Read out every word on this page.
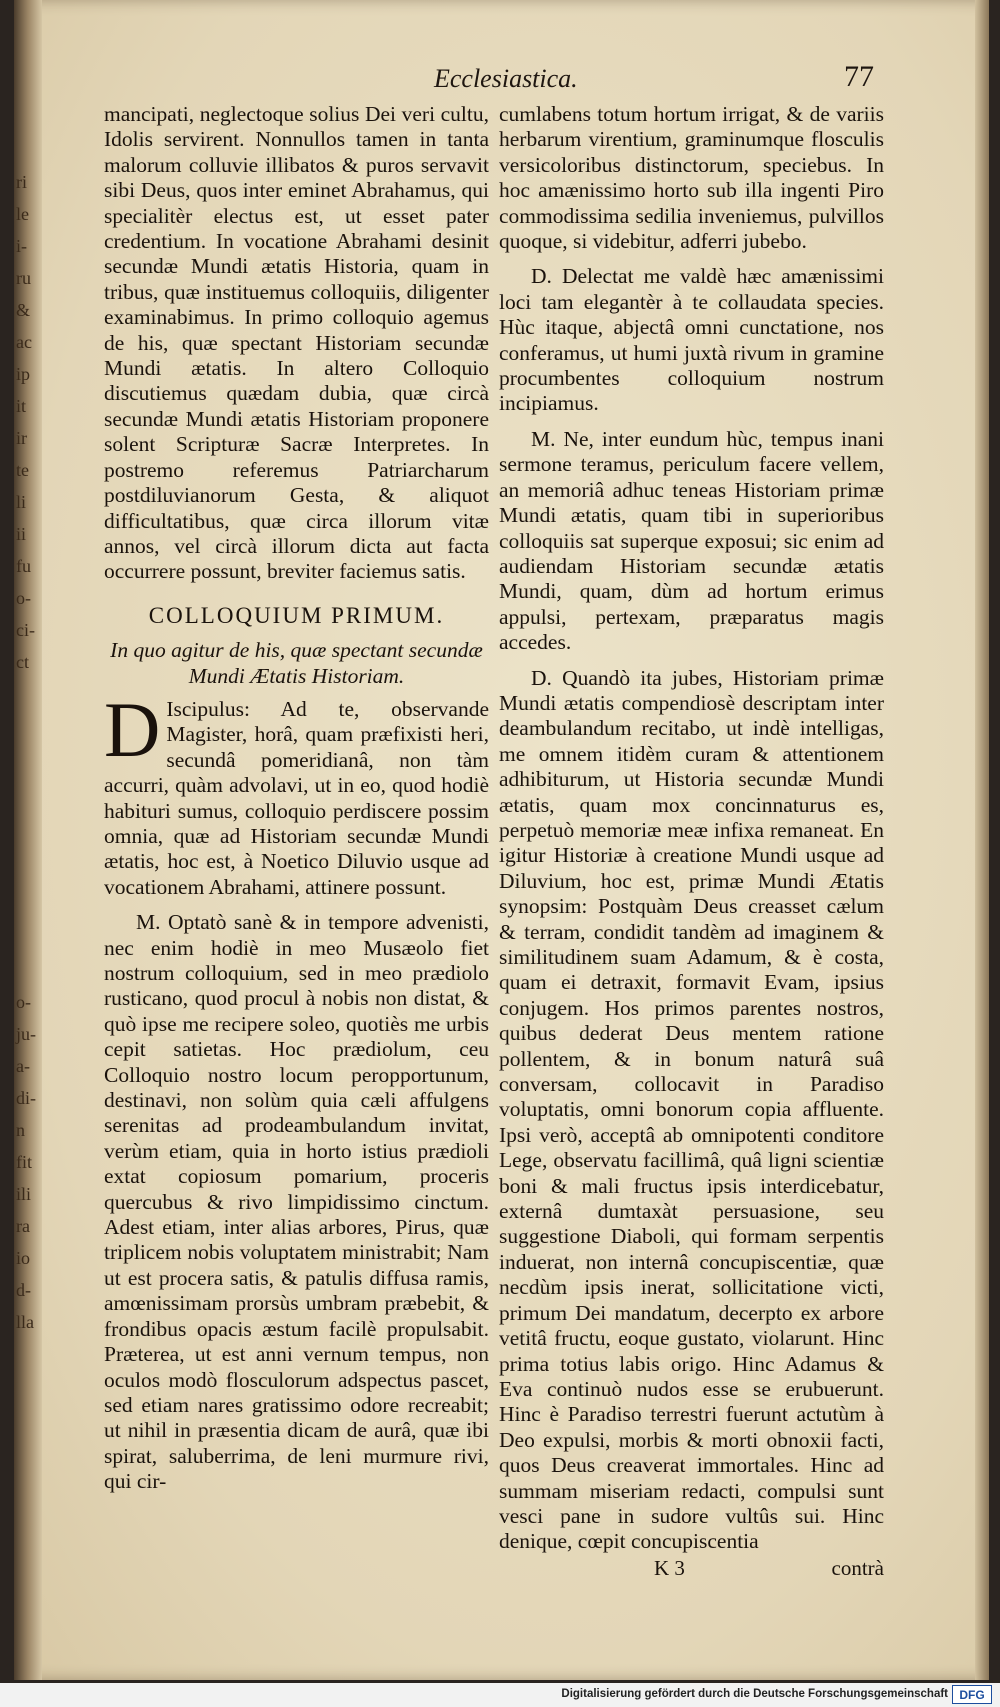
ri
le
i-
ru
&
ac
ip
it
ir
te
li
ii
fu
o-
ci-
ct
o-
ju-
a-
di-
n
fit
ili
ra
io
d-
lla
Ecclesiastica.	77

mancipati, neglectoque solius Dei veri cultu, Idolis servirent. Nonnullos tamen in tanta malorum colluvie illibatos & puros servavit sibi Deus, quos inter eminet Abrahamus, qui specialitèr electus est, ut esset pater credentium. In vocatione Abrahami desinit secundæ Mundi ætatis Historia, quam in tribus, quæ instituemus colloquiis, diligenter examinabimus. In primo colloquio agemus de his, quæ spectant Historiam secundæ Mundi ætatis. In altero Colloquio discutiemus quædam dubia, quæ circà secundæ Mundi ætatis Historiam proponere solent Scripturæ Sacræ Interpretes. In postremo referemus Patriarcharum postdiluvianorum Gesta, & aliquot difficultatibus, quæ circa illorum vitæ annos, vel circà illorum dicta aut facta occurrere possunt, breviter faciemus satis.

COLLOQUIUM PRIMUM.
In quo agitur de his, quæ spectant secundæ Mundi Ætatis Historiam.

D Iscipulus: Ad te, observande Magister, horâ, quam præfixisti heri, secundâ pomeridianâ, non tàm accurri, quàm advolavi, ut in eo, quod hodiè habituri sumus, colloquio perdiscere possim omnia, quæ ad Historiam secundæ Mundi ætatis, hoc est, à Noetico Diluvio usque ad vocationem Abrahami, attinere possunt.

M. Optatò sanè & in tempore advenisti, nec enim hodiè in meo Musæolo fiet nostrum colloquium, sed in meo prædiolo rusticano, quod procul à nobis non distat, & quò ipse me recipere soleo, quotiès me urbis cepit satietas. Hoc prædiolum, ceu Colloquio nostro locum peropportunum, destinavi, non solùm quia cæli affulgens serenitas ad prodeambulandum invitat, verùm etiam, quia in horto istius prædioli extat copiosum pomarium, proceris quercubus & rivo limpidissimo cinctum. Adest etiam, inter alias arbores, Pirus, quæ triplicem nobis voluptatem ministrabit; Nam ut est procera satis, & patulis diffusa ramis, amœnissimam prorsùs umbram præbebit, & frondibus opacis æstum facilè propulsabit. Præterea, ut est anni vernum tempus, non oculos modò flosculorum adspectus pascet, sed etiam nares gratissimo odore recreabit; ut nihil in præsentia dicam de aurâ, quæ ibi spirat, saluberrima, de leni murmure rivi, qui cir-

cumlabens totum hortum irrigat, & de variis herbarum virentium, graminumque flosculis versicoloribus distinctorum, speciebus. In hoc amænissimo horto sub illa ingenti Piro commodissima sedilia inveniemus, pulvillos quoque, si videbitur, adferri jubebo.

D. Delectat me valdè hæc amænissimi loci tam elegantèr à te collaudata species. Hùc itaque, abjectâ omni cunctatione, nos conferamus, ut humi juxtà rivum in gramine procumbentes colloquium nostrum incipiamus.

M. Ne, inter eundum hùc, tempus inani sermone teramus, periculum facere vellem, an memoriâ adhuc teneas Historiam primæ Mundi ætatis, quam tibi in superioribus colloquiis sat superque exposui; sic enim ad audiendam Historiam secundæ ætatis Mundi, quam, dùm ad hortum erimus appulsi, pertexam, præparatus magis accedes.

D. Quandò ita jubes, Historiam primæ Mundi ætatis compendiosè descriptam inter deambulandum recitabo, ut indè intelligas, me omnem itidèm curam & attentionem adhibiturum, ut Historia secundæ Mundi ætatis, quam mox concinnaturus es, perpetuò memoriæ meæ infixa remaneat. En igitur Historiæ à creatione Mundi usque ad Diluvium, hoc est, primæ Mundi Ætatis synopsim: Postquàm Deus creasset cælum & terram, condidit tandèm ad imaginem & similitudinem suam Adamum, & è costa, quam ei detraxit, formavit Evam, ipsius conjugem. Hos primos parentes nostros, quibus dederat Deus mentem ratione pollentem, & in bonum naturâ suâ conversam, collocavit in Paradiso voluptatis, omni bonorum copia affluente. Ipsi verò, acceptâ ab omnipotenti conditore Lege, observatu facillimâ, quâ ligni scientiæ boni & mali fructus ipsis interdicebatur, externâ dumtaxàt persuasione, seu suggestione Diaboli, qui formam serpentis induerat, non internâ concupiscentiæ, quæ necdùm ipsis inerat, sollicitatione victi, primum Dei mandatum, decerpto ex arbore vetitâ fructu, eoque gustato, violarunt. Hinc prima totius labis origo. Hinc Adamus & Eva continuò nudos esse se erubuerunt. Hinc è Paradiso terrestri fuerunt actutùm à Deo expulsi, morbis & morti obnoxii facti, quos Deus creaverat immortales. Hinc ad summam miseriam redacti, compulsi sunt vesci pane in sudore vultûs sui. Hinc denique, cœpit concupiscentia

K 3	contrà
Digitalisierung gefördert durch die Deutsche Forschungsgemeinschaft DFG
